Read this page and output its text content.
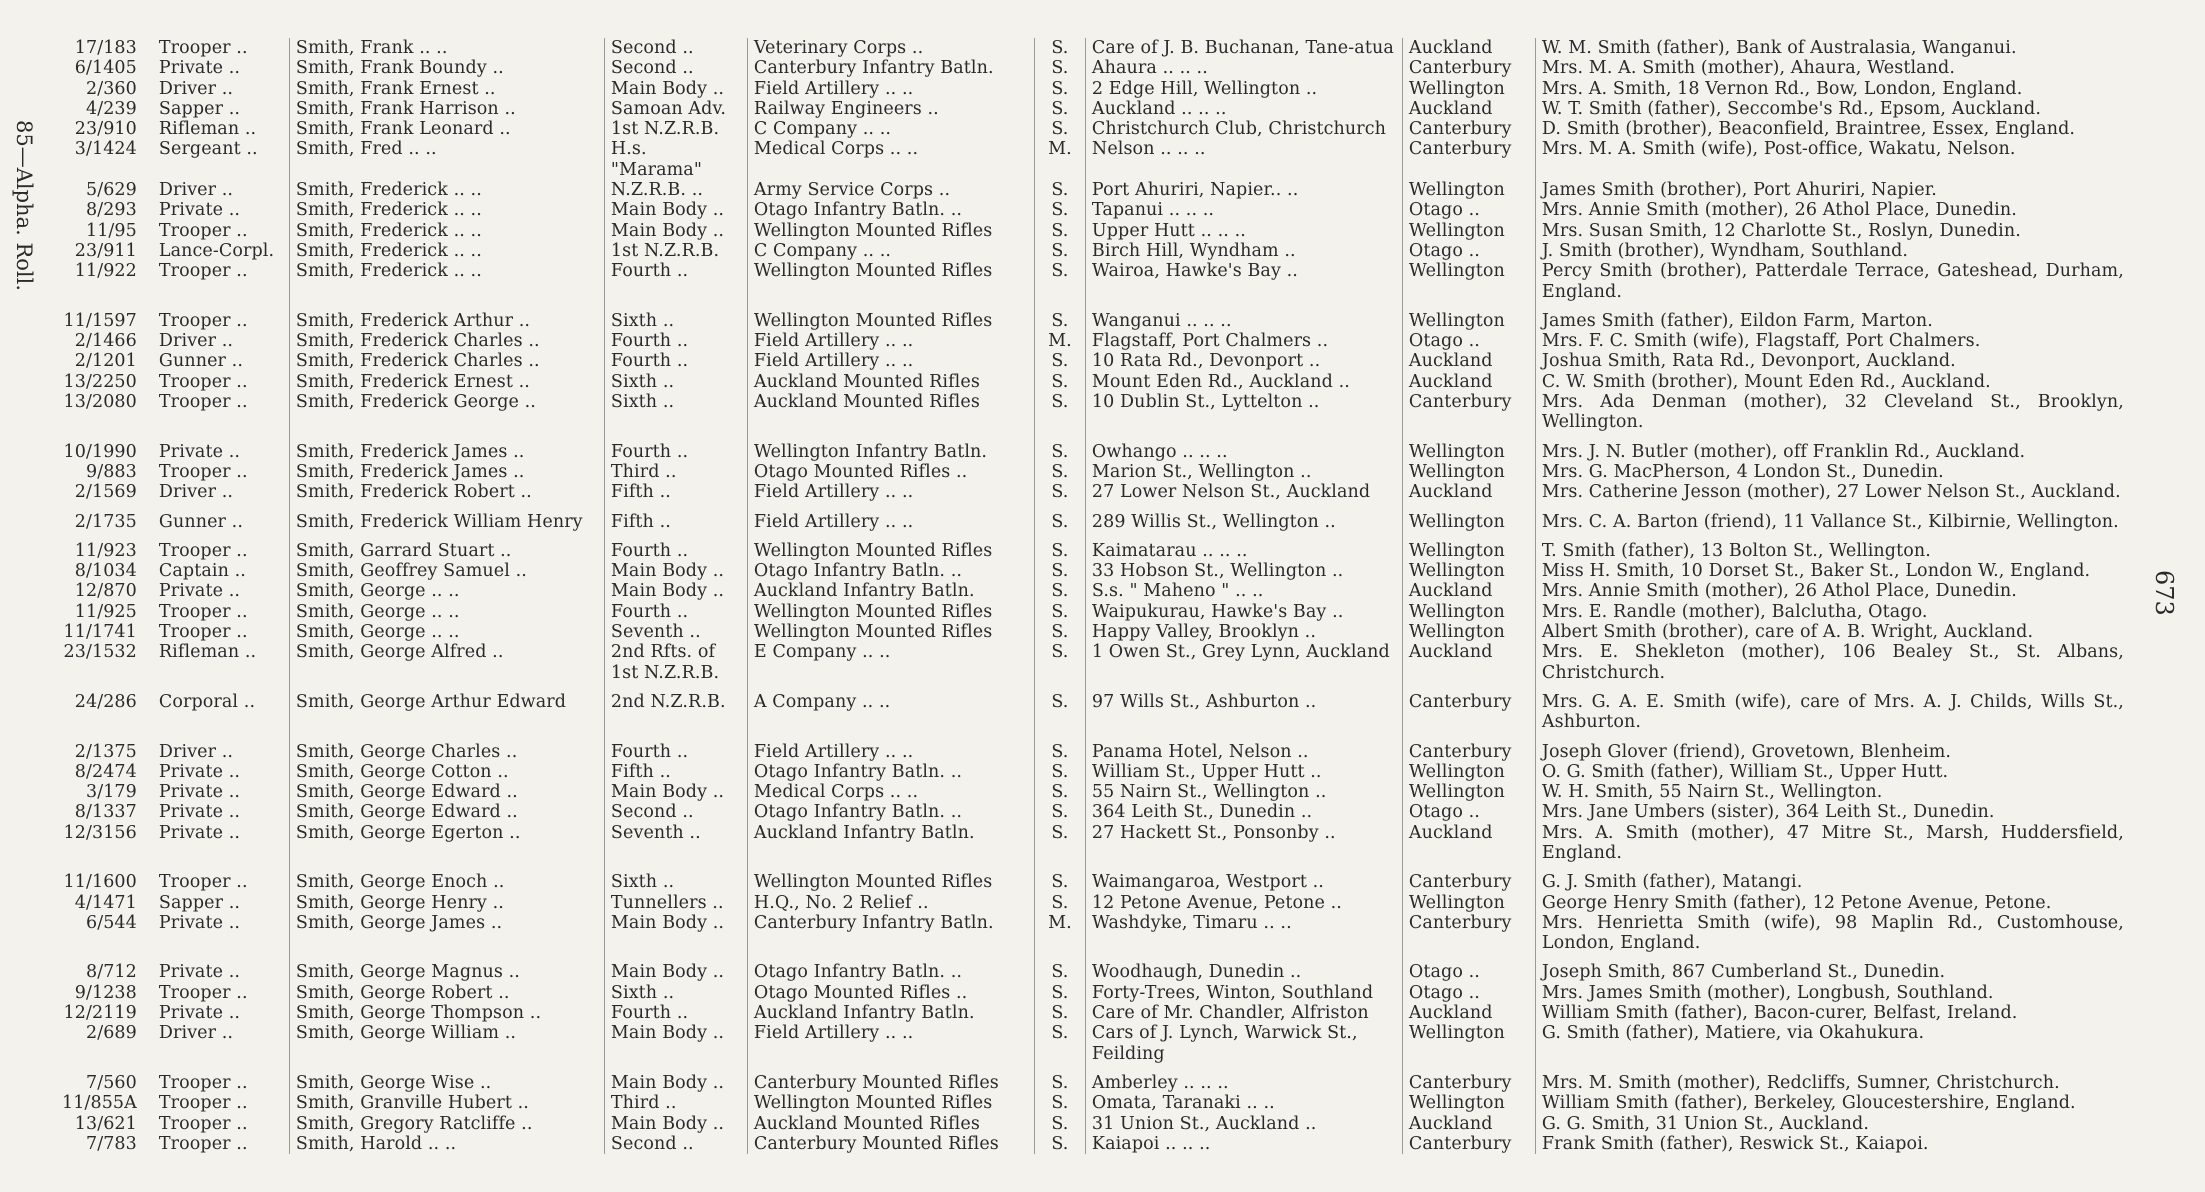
85—Alpha. Roll.
673
17/183	Trooper ..	Smith, Frank .. ..	Second ..	Veterinary Corps ..	S.	Care of J. B. Buchanan, Tane-atua	Auckland	W. M. Smith (father), Bank of Australasia, Wanganui.
6/1405	Private ..	Smith, Frank Boundy ..	Second ..	Canterbury Infantry Batln.	S.	Ahaura .. .. ..	Canterbury	Mrs. M. A. Smith (mother), Ahaura, Westland.
2/360	Driver ..	Smith, Frank Ernest ..	Main Body ..	Field Artillery .. ..	S.	2 Edge Hill, Wellington ..	Wellington	Mrs. A. Smith, 18 Vernon Rd., Bow, London, England.
4/239	Sapper ..	Smith, Frank Harrison ..	Samoan Adv.	Railway Engineers ..	S.	Auckland .. .. ..	Auckland	W. T. Smith (father), Seccombe's Rd., Epsom, Auckland.
23/910	Rifleman ..	Smith, Frank Leonard ..	1st N.Z.R.B.	C Company .. ..	S.	Christchurch Club, Christchurch	Canterbury	D. Smith (brother), Beaconfield, Braintree, Essex, England.
3/1424	Sergeant ..	Smith, Fred .. ..	H.s. "Marama"	Medical Corps .. ..	M.	Nelson .. .. ..	Canterbury	Mrs. M. A. Smith (wife), Post-office, Wakatu, Nelson.
5/629	Driver ..	Smith, Frederick .. ..	N.Z.R.B. ..	Army Service Corps ..	S.	Port Ahuriri, Napier.. ..	Wellington	James Smith (brother), Port Ahuriri, Napier.
8/293	Private ..	Smith, Frederick .. ..	Main Body ..	Otago Infantry Batln. ..	S.	Tapanui .. .. ..	Otago ..	Mrs. Annie Smith (mother), 26 Athol Place, Dunedin.
11/95	Trooper ..	Smith, Frederick .. ..	Main Body ..	Wellington Mounted Rifles	S.	Upper Hutt .. .. ..	Wellington	Mrs. Susan Smith, 12 Charlotte St., Roslyn, Dunedin.
23/911	Lance-Corpl.	Smith, Frederick .. ..	1st N.Z.R.B.	C Company .. ..	S.	Birch Hill, Wyndham ..	Otago ..	J. Smith (brother), Wyndham, Southland.
11/922	Trooper ..	Smith, Frederick .. ..	Fourth ..	Wellington Mounted Rifles	S.	Wairoa, Hawke's Bay ..	Wellington	Percy Smith (brother), Patterdale Terrace, Gateshead, Durham, England.
11/1597	Trooper ..	Smith, Frederick Arthur ..	Sixth ..	Wellington Mounted Rifles	S.	Wanganui .. .. ..	Wellington	James Smith (father), Eildon Farm, Marton.
2/1466	Driver ..	Smith, Frederick Charles ..	Fourth ..	Field Artillery .. ..	M.	Flagstaff, Port Chalmers ..	Otago ..	Mrs. F. C. Smith (wife), Flagstaff, Port Chalmers.
2/1201	Gunner ..	Smith, Frederick Charles ..	Fourth ..	Field Artillery .. ..	S.	10 Rata Rd., Devonport ..	Auckland	Joshua Smith, Rata Rd., Devonport, Auckland.
13/2250	Trooper ..	Smith, Frederick Ernest ..	Sixth ..	Auckland Mounted Rifles	S.	Mount Eden Rd., Auckland ..	Auckland	C. W. Smith (brother), Mount Eden Rd., Auckland.
13/2080	Trooper ..	Smith, Frederick George ..	Sixth ..	Auckland Mounted Rifles	S.	10 Dublin St., Lyttelton ..	Canterbury	Mrs. Ada Denman (mother), 32 Cleveland St., Brooklyn, Wellington.
10/1990	Private ..	Smith, Frederick James ..	Fourth ..	Wellington Infantry Batln.	S.	Owhango .. .. ..	Wellington	Mrs. J. N. Butler (mother), off Franklin Rd., Auckland.
9/883	Trooper ..	Smith, Frederick James ..	Third ..	Otago Mounted Rifles ..	S.	Marion St., Wellington ..	Wellington	Mrs. G. MacPherson, 4 London St., Dunedin.
2/1569	Driver ..	Smith, Frederick Robert ..	Fifth ..	Field Artillery .. ..	S.	27 Lower Nelson St., Auckland	Auckland	Mrs. Catherine Jesson (mother), 27 Lower Nelson St., Auckland.
2/1735	Gunner ..	Smith, Frederick William Henry	Fifth ..	Field Artillery .. ..	S.	289 Willis St., Wellington ..	Wellington	Mrs. C. A. Barton (friend), 11 Vallance St., Kilbirnie, Wellington.
11/923	Trooper ..	Smith, Garrard Stuart ..	Fourth ..	Wellington Mounted Rifles	S.	Kaimatarau .. .. ..	Wellington	T. Smith (father), 13 Bolton St., Wellington.
8/1034	Captain ..	Smith, Geoffrey Samuel ..	Main Body ..	Otago Infantry Batln. ..	S.	33 Hobson St., Wellington ..	Wellington	Miss H. Smith, 10 Dorset St., Baker St., London W., England.
12/870	Private ..	Smith, George .. ..	Main Body ..	Auckland Infantry Batln.	S.	S.s. " Maheno " .. ..	Auckland	Mrs. Annie Smith (mother), 26 Athol Place, Dunedin.
11/925	Trooper ..	Smith, George .. ..	Fourth ..	Wellington Mounted Rifles	S.	Waipukurau, Hawke's Bay ..	Wellington	Mrs. E. Randle (mother), Balclutha, Otago.
11/1741	Trooper ..	Smith, George .. ..	Seventh ..	Wellington Mounted Rifles	S.	Happy Valley, Brooklyn ..	Wellington	Albert Smith (brother), care of A. B. Wright, Auckland.
23/1532	Rifleman ..	Smith, George Alfred ..	2nd Rfts. of 1st N.Z.R.B.	E Company .. ..	S.	1 Owen St., Grey Lynn, Auckland	Auckland	Mrs. E. Shekleton (mother), 106 Bealey St., St. Albans, Christchurch.
24/286	Corporal ..	Smith, George Arthur Edward	2nd N.Z.R.B.	A Company .. ..	S.	97 Wills St., Ashburton ..	Canterbury	Mrs. G. A. E. Smith (wife), care of Mrs. A. J. Childs, Wills St., Ashburton.
2/1375	Driver ..	Smith, George Charles ..	Fourth ..	Field Artillery .. ..	S.	Panama Hotel, Nelson ..	Canterbury	Joseph Glover (friend), Grovetown, Blenheim.
8/2474	Private ..	Smith, George Cotton ..	Fifth ..	Otago Infantry Batln. ..	S.	William St., Upper Hutt ..	Wellington	O. G. Smith (father), William St., Upper Hutt.
3/179	Private ..	Smith, George Edward ..	Main Body ..	Medical Corps .. ..	S.	55 Nairn St., Wellington ..	Wellington	W. H. Smith, 55 Nairn St., Wellington.
8/1337	Private ..	Smith, George Edward ..	Second ..	Otago Infantry Batln. ..	S.	364 Leith St., Dunedin ..	Otago ..	Mrs. Jane Umbers (sister), 364 Leith St., Dunedin.
12/3156	Private ..	Smith, George Egerton ..	Seventh ..	Auckland Infantry Batln.	S.	27 Hackett St., Ponsonby ..	Auckland	Mrs. A. Smith (mother), 47 Mitre St., Marsh, Huddersfield, England.
11/1600	Trooper ..	Smith, George Enoch ..	Sixth ..	Wellington Mounted Rifles	S.	Waimangaroa, Westport ..	Canterbury	G. J. Smith (father), Matangi.
4/1471	Sapper ..	Smith, George Henry ..	Tunnellers ..	H.Q., No. 2 Relief ..	S.	12 Petone Avenue, Petone ..	Wellington	George Henry Smith (father), 12 Petone Avenue, Petone.
6/544	Private ..	Smith, George James ..	Main Body ..	Canterbury Infantry Batln.	M.	Washdyke, Timaru .. ..	Canterbury	Mrs. Henrietta Smith (wife), 98 Maplin Rd., Customhouse, London, England.
8/712	Private ..	Smith, George Magnus ..	Main Body ..	Otago Infantry Batln. ..	S.	Woodhaugh, Dunedin ..	Otago ..	Joseph Smith, 867 Cumberland St., Dunedin.
9/1238	Trooper ..	Smith, George Robert ..	Sixth ..	Otago Mounted Rifles ..	S.	Forty-Trees, Winton, Southland	Otago ..	Mrs. James Smith (mother), Longbush, Southland.
12/2119	Private ..	Smith, George Thompson ..	Fourth ..	Auckland Infantry Batln.	S.	Care of Mr. Chandler, Alfriston	Auckland	William Smith (father), Bacon-curer, Belfast, Ireland.
2/689	Driver ..	Smith, George William ..	Main Body ..	Field Artillery .. ..	S.	Cars of J. Lynch, Warwick St., Feilding	Wellington	G. Smith (father), Matiere, via Okahukura.
7/560	Trooper ..	Smith, George Wise ..	Main Body ..	Canterbury Mounted Rifles	S.	Amberley .. .. ..	Canterbury	Mrs. M. Smith (mother), Redcliffs, Sumner, Christchurch.
11/855A	Trooper ..	Smith, Granville Hubert ..	Third ..	Wellington Mounted Rifles	S.	Omata, Taranaki .. ..	Wellington	William Smith (father), Berkeley, Gloucestershire, England.
13/621	Trooper ..	Smith, Gregory Ratcliffe ..	Main Body ..	Auckland Mounted Rifles	S.	31 Union St., Auckland ..	Auckland	G. G. Smith, 31 Union St., Auckland.
7/783	Trooper ..	Smith, Harold .. ..	Second ..	Canterbury Mounted Rifles	S.	Kaiapoi .. .. ..	Canterbury	Frank Smith (father), Reswick St., Kaiapoi.
